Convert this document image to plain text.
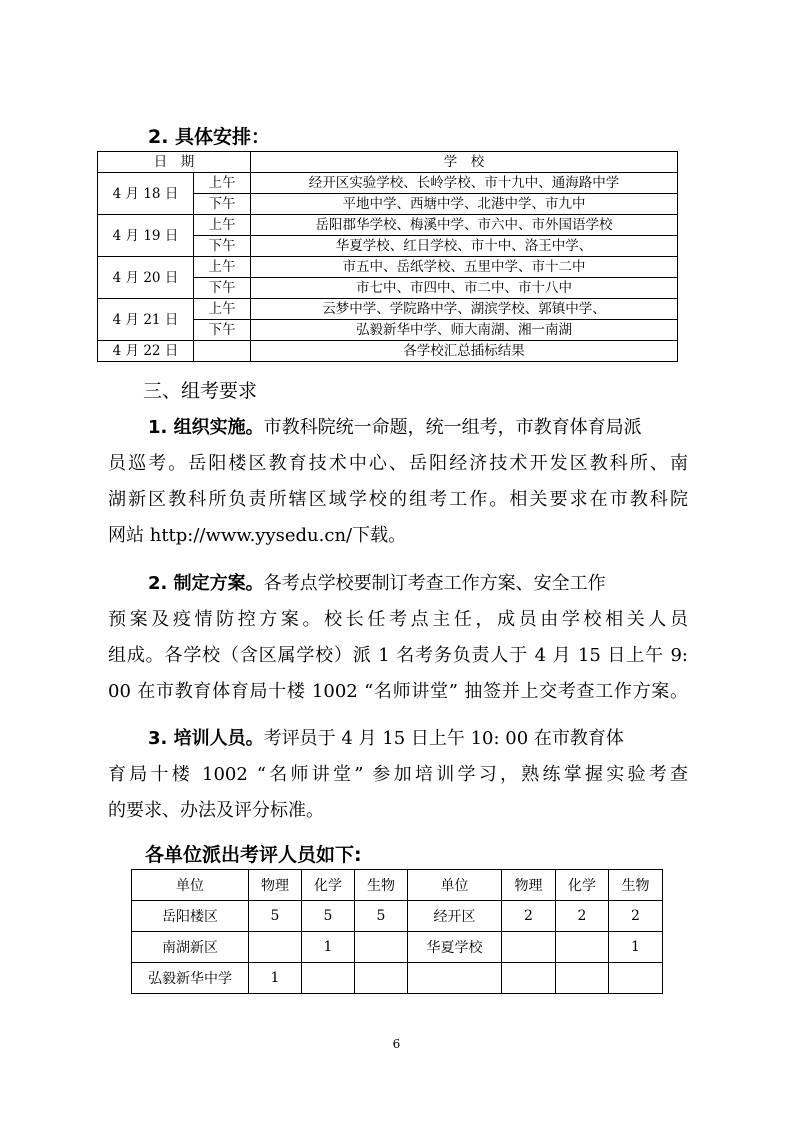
2. 具体安排：
日　期		学　校
4 月 18 日	上午	经开区实验学校、长岭学校、市十九中、通海路中学
	下午	平地中学、西塘中学、北港中学、市九中
4 月 19 日	上午	岳阳郡华学校、梅溪中学、市六中、市外国语学校
	下午	华夏学校、红日学校、市十中、洛王中学、
4 月 20 日	上午	市五中、岳纸学校、五里中学、市十二中
	下午	市七中、市四中、市二中、市十八中
4 月 21 日	上午	云梦中学、学院路中学、湖滨学校、郭镇中学、
	下午	弘毅新华中学、师大南湖、湘一南湖
4 月 22 日		各学校汇总插标结果
三、组考要求
1. 组织实施。市教科院统一命题，统一组考，市教育体育局派
员巡考。岳阳楼区教育技术中心、岳阳经济技术开发区教科所、南
湖新区教科所负责所辖区域学校的组考工作。相关要求在市教科院
网站 http://www.yysedu.cn/下载。
2. 制定方案。各考点学校要制订考查工作方案、安全工作
预案及疫情防控方案。校长任考点主任，成员由学校相关人员
组成。各学校（含区属学校）派 1 名考务负责人于 4 月 15 日上午 9:
00 在市教育体育局十楼 1002 “名师讲堂” 抽签并上交考查工作方案。
3. 培训人员。考评员于 4 月 15 日上午 10: 00 在市教育体
育局十楼 1002 “名师讲堂” 参加培训学习，熟练掌握实验考查
的要求、办法及评分标准。
各单位派出考评人员如下:
单位	物理	化学	生物	单位	物理	化学	生物
岳阳楼区	5	5	5	经开区	2	2	2
南湖新区		1		华夏学校			1
弘毅新华中学	1						
6
